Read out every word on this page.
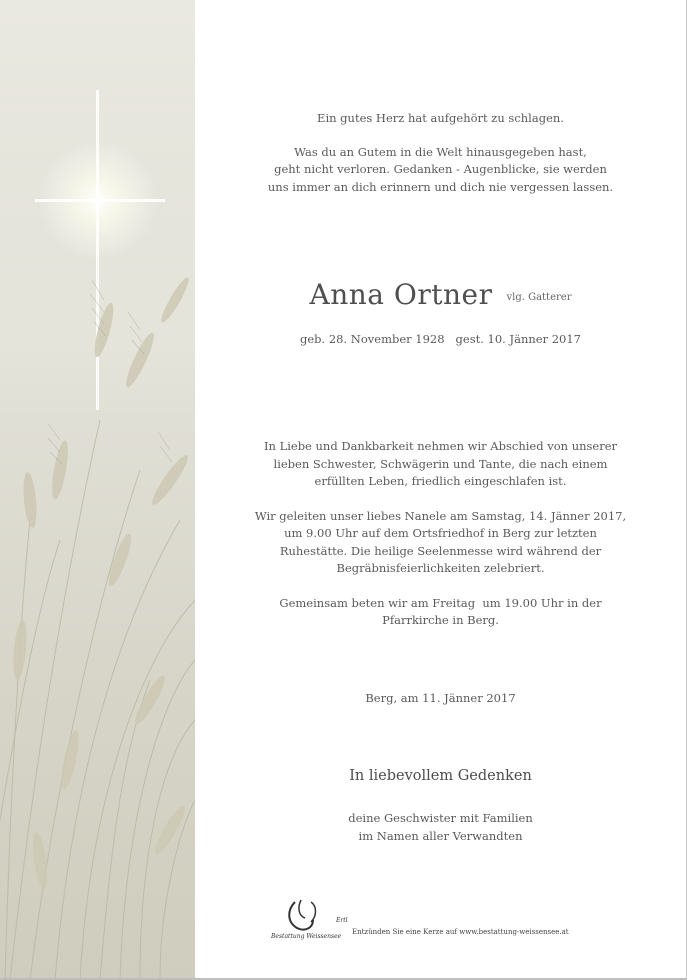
Ein gutes Herz hat aufgehört zu schlagen.

Was du an Gutem in die Welt hinausgegeben hast,

geht nicht verloren. Gedanken - Augenblicke, sie werden

uns immer an dich erinnern und dich nie vergessen lassen.

Anna Ortner $^{vlg. Gatterer}$
geb. 28. November 1928   gest. 10. Jänner 2017

In Liebe und Dankbarkeit nehmen wir Abschied von unserer

lieben Schwester, Schwägerin und Tante, die nach einem

erfüllten Leben, friedlich eingeschlafen ist.

Wir geleiten unser liebes Nanele am Samstag, 14. Jänner 2017,

um 9.00 Uhr auf dem Ortsfriedhof in Berg zur letzten

Ruhestätte. Die heilige Seelenmesse wird während der

Begräbnisfeierlichkeiten zelebriert.

Gemeinsam beten wir am Freitag  um 19.00 Uhr in der

Pfarrkirche in Berg.

Berg, am 11. Jänner 2017
In liebevollem Gedenken

deine Geschwister mit Familien

im Namen aller Verwandten

Ertl
Bestattung Weissensee
Entzünden Sie eine Kerze auf www.bestattung-weissensee.at
